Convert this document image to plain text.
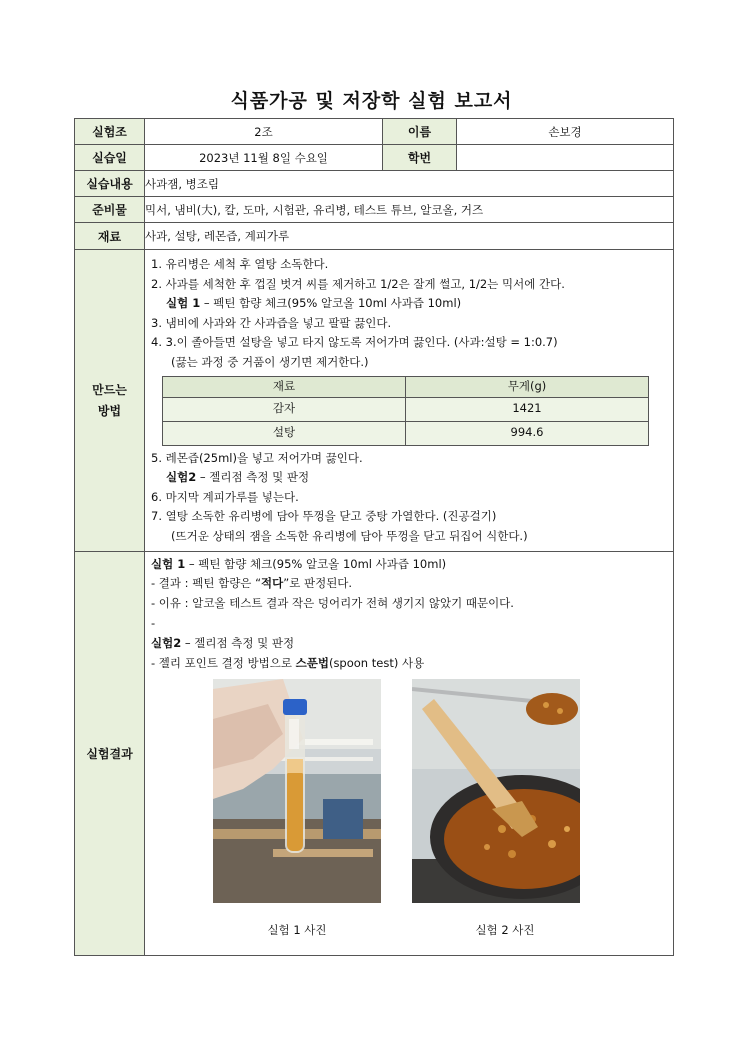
식품가공 및 저장학 실험 보고서
실험조	2조	이름	손보경
실습일	2023년 11월 8일 수요일	학번	
실습내용	사과잼, 병조림
준비물	믹서, 냄비(大), 칼, 도마, 시험관, 유리병, 테스트 튜브, 알코올, 거즈
재료	사과, 설탕, 레몬즙, 계피가루

만드는
방법

1. 유리병은 세척 후 열탕 소독한다.
2. 사과를 세척한 후 껍질 벗겨 씨를 제거하고 1/2은 잘게 썰고, 1/2는 믹서에 간다.
실험 1 – 펙틴 함량 체크(95% 알코올 10ml 사과즙 10ml)
3. 냄비에 사과와 간 사과즙을 넣고 팔팔 끓인다.
4. 3.이 졸아들면 설탕을 넣고 타지 않도록 저어가며 끓인다. (사과:설탕 = 1:0.7)
(끓는 과정 중 거품이 생기면 제거한다.)
재료	무게(g)
감자	1421
설탕	994.6
5. 레몬즙(25ml)을 넣고 저어가며 끓인다.
실험2 – 젤리점 측정 및 판정
6. 마지막 계피가루를 넣는다.
7. 열탕 소독한 유리병에 담아 뚜껑을 닫고 중탕 가열한다. (진공걸기)
(뜨거운 상태의 잼을 소독한 유리병에 담아 뚜껑을 닫고 뒤집어 식한다.)

실험결과	
실험 1 – 펙틴 함량 체크(95% 알코올 10ml 사과즙 10ml)
- 결과 : 펙틴 함량은 “적다”로 판정된다.
- 이유 : 알코올 테스트 결과 작은 덩어리가 전혀 생기지 않았기 때문이다.
-
실험2 – 젤리점 측정 및 판정
- 젤리 포인트 결정 방법으로 스푼법(spoon test) 사용
실험 1 사진	실험 2 사진
